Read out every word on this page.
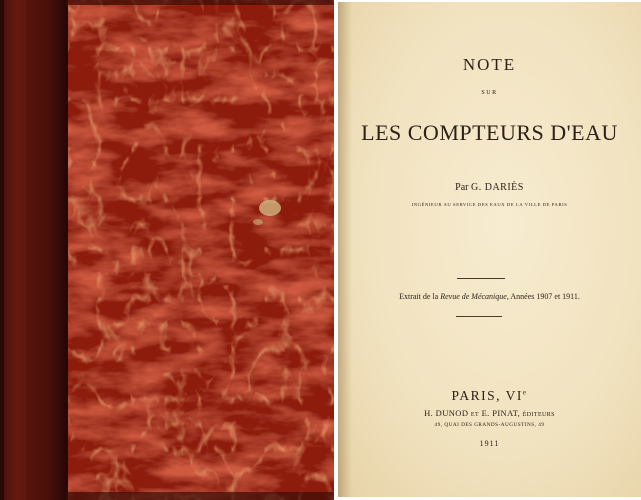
NOTE
SUR
LES COMPTEURS D'EAU
Par G. DARIÈS
INGÉNIEUR AU SERVICE DES EAUX DE LA VILLE DE PARIS
Extrait de la Revue de Mécanique, Années 1907 et 1911.
PARIS, VIe
H. DUNOD ET E. PINAT, ÉDITEURS
49, QUAI DES GRANDS-AUGUSTINS, 49
1911
